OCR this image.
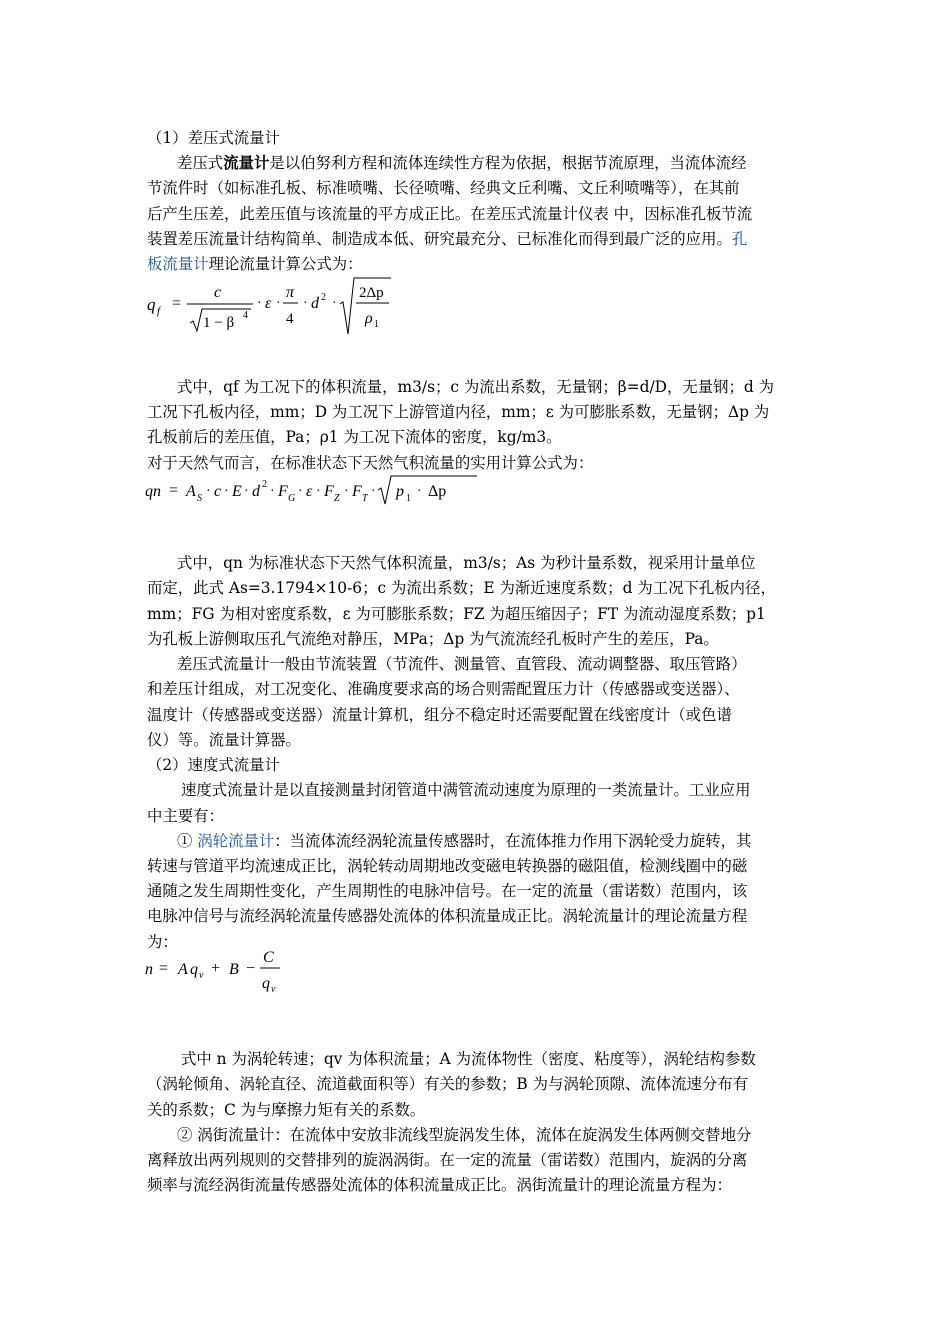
（1）差压式流量计
差压式流量计是以伯努利方程和流体连续性方程为依据，根据节流原理，当流体流经
节流件时（如标准孔板、标准喷嘴、长径喷嘴、经典文丘利嘴、文丘利喷嘴等），在其前
后产生压差，此差压值与该流量的平方成正比。在差压式流量计仪表 中，因标准孔板节流
装置差压流量计结构简单、制造成本低、研究最充分、已标准化而得到最广泛的应用。孔
板流量计理论流量计算公式为：
q f =
c
1 − β 4
· ε ·
π
4
· d 2 ·
2Δp
ρ 1
式中，qf 为工况下的体积流量，m3/s；c 为流出系数，无量钢；β=d/D，无量钢；d 为
工况下孔板内径，mm；D 为工况下上游管道内径，mm；ε 为可膨胀系数，无量钢；Δp 为
孔板前后的差压值，Pa；ρ1 为工况下流体的密度，kg/m3。
对于天然气而言，在标准状态下天然气积流量的实用计算公式为：
qn = A S · c · E · d 2 · F G · ε · F Z · F T · p 1 · Δp
式中，qn 为标准状态下天然气体积流量，m3/s；As 为秒计量系数，视采用计量单位
而定，此式 As=3.1794×10-6；c 为流出系数；E 为渐近速度系数；d 为工况下孔板内径，
mm；FG 为相对密度系数，ε 为可膨胀系数；FZ 为超压缩因子；FT 为流动湿度系数；p1
为孔板上游侧取压孔气流绝对静压，MPa；Δp 为气流流经孔板时产生的差压，Pa。
差压式流量计一般由节流装置（节流件、测量管、直管段、流动调整器、取压管路）
和差压计组成，对工况变化、准确度要求高的场合则需配置压力计（传感器或变送器）、
温度计（传感器或变送器）流量计算机，组分不稳定时还需要配置在线密度计（或色谱
仪）等。流量计算器。
（2）速度式流量计
速度式流量计是以直接测量封闭管道中满管流动速度为原理的一类流量计。工业应用
中主要有：
① 涡轮流量计：当流体流经涡轮流量传感器时，在流体推力作用下涡轮受力旋转，其
转速与管道平均流速成正比，涡轮转动周期地改变磁电转换器的磁阻值，检测线圈中的磁
通随之发生周期性变化，产生周期性的电脉冲信号。在一定的流量（雷诺数）范围内，该
电脉冲信号与流经涡轮流量传感器处流体的体积流量成正比。涡轮流量计的理论流量方程
为：
n = A q v + B −
C
q v
式中 n 为涡轮转速；qv 为体积流量；A 为流体物性（密度、粘度等），涡轮结构参数
（涡轮倾角、涡轮直径、流道截面积等）有关的参数；B 为与涡轮顶隙、流体流速分布有
关的系数；C 为与摩擦力矩有关的系数。
② 涡街流量计：在流体中安放非流线型旋涡发生体，流体在旋涡发生体两侧交替地分
离释放出两列规则的交替排列的旋涡涡街。在一定的流量（雷诺数）范围内，旋涡的分离
频率与流经涡街流量传感器处流体的体积流量成正比。涡街流量计的理论流量方程为：
